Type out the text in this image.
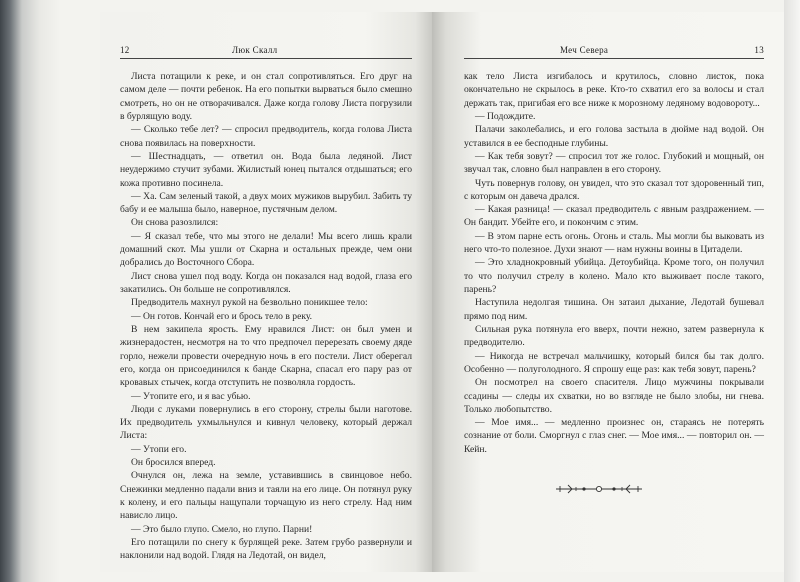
12	Люк Скалл

Листа потащили к реке, и он стал сопротивляться. Его друг на самом деле — почти ребенок. На его попытки вырваться было смешно смотреть, но он не отворачивался. Даже когда голову Листа погрузили в бурлящую воду.

— Сколько тебе лет? — спросил предводитель, когда голова Листа снова появилась на поверхности.

— Шестнадцать, — ответил он. Вода была ледяной. Лист неудержимо стучит зубами. Жилистый юнец пытался отдышаться; его кожа противно посинела.

— Ха. Сам зеленый такой, а двух моих мужиков вырубил. Забить ту бабу и ее малыша было, наверное, пустячным делом.

Он снова разозлился:

— Я сказал тебе, что мы этого не делали! Мы всего лишь крали домашний скот. Мы ушли от Скарна и остальных прежде, чем они добрались до Восточного Сбора.

Лист снова ушел под воду. Когда он показался над водой, глаза его закатились. Он больше не сопротивлялся.

Предводитель махнул рукой на безвольно поникшее тело:

— Он готов. Кончай его и брось тело в реку.

В нем закипела ярость. Ему нравился Лист: он был умен и жизнерадостен, несмотря на то что предпочел перерезать своему дяде горло, нежели провести очередную ночь в его постели. Лист оберегал его, когда он присоединился к банде Скарна, спасал его пару раз от кровавых стычек, когда отступить не позволяла гордость.

— Утопите его, и я вас убью.

Люди с луками повернулись в его сторону, стрелы были наготове. Их предводитель ухмыльнулся и кивнул человеку, который держал Листа:

— Утопи его.

Он бросился вперед.

Очнулся он, лежа на земле, уставившись в свинцовое небо. Снежинки медленно падали вниз и таяли на его лице. Он потянул руку к колену, и его пальцы нащупали торчащую из него стрелу. Над ним нависло лицо.

— Это было глупо. Смело, но глупо. Парни!

Его потащили по снегу к бурлящей реке. Затем грубо развернули и наклонили над водой. Глядя на Ледотай, он видел,

Меч Севера	13

как тело Листа изгибалось и крутилось, словно листок, пока окончательно не скрылось в реке. Кто-то схватил его за волосы и стал держать так, пригибая его все ниже к морозному ледяному водовороту...

— Подождите.

Палачи заколебались, и его голова застыла в дюйме над водой. Он уставился в ее бесподные глубины.

— Как тебя зовут? — спросил тот же голос. Глубокий и мощный, он звучал так, словно был направлен в его сторону.

Чуть повернув голову, он увидел, что это сказал тот здоровенный тип, с которым он давеча дрался.

— Какая разница! — сказал предводитель с явным раздражением. — Он бандит. Убейте его, и покончим с этим.

— В этом парне есть огонь. Огонь и сталь. Мы могли бы выковать из него что-то полезное. Духи знают — нам нужны воины в Цитадели.

— Это хладнокровный убийца. Детоубийца. Кроме того, он получил то что получил стрелу в колено. Мало кто выживает после такого, парень?

Наступила недолгая тишина. Он затаил дыхание, Ледотай бушевал прямо под ним.

Сильная рука потянула его вверх, почти нежно, затем развернула к предводителю.

— Никогда не встречал мальчишку, который бился бы так долго. Особенно — полуголодного. Я спрошу еще раз: как тебя зовут, парень?

Он посмотрел на своего спасителя. Лицо мужчины покрывали ссадины — следы их схватки, но во взгляде не было злобы, ни гнева. Только любопытство.

— Мое имя... — медленно произнес он, стараясь не потерять сознание от боли. Сморгнул с глаз снег. — Мое имя... — повторил он. — Кейн.
